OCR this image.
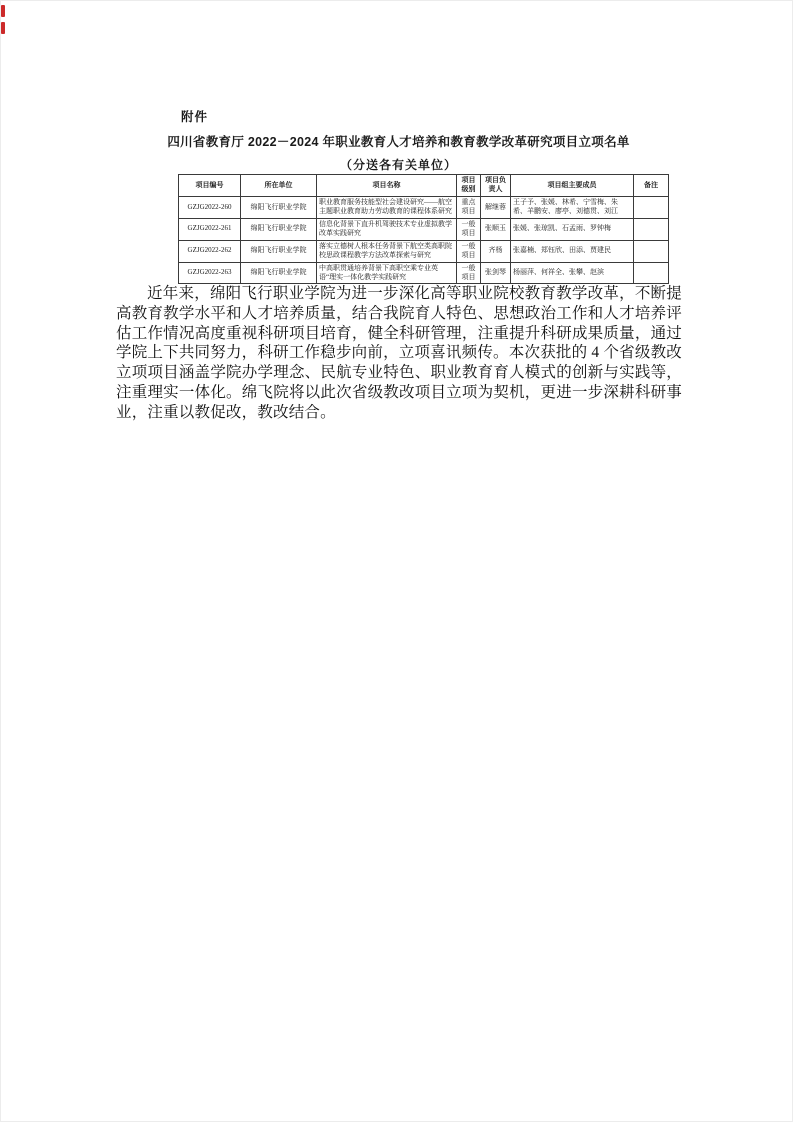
附件
四川省教育厅 2022－2024 年职业教育人才培养和教育教学改革研究项目立项名单
（分送各有关单位）
项目编号	所在单位	项目名称	项目级别	项目负责人	项目组主要成员	备注
GZJG2022-260	绵阳飞行职业学院	职业教育服务技能型社会建设研究——航空主题职业教育助力劳动教育的课程体系研究	重点项目	解继蓉	王子予、张媛、林希、宁雪梅、朱希、羊鹏安、廖亭、刘德贯、刘江	
GZJG2022-261	绵阳飞行职业学院	信息化背景下直升机驾驶技术专业虚拟教学改革实践研究	一般项目	张顺玉	张媛、张琼凯、石孟雨、罗钟梅	
GZJG2022-262	绵阳飞行职业学院	落实立德树人根本任务背景下航空类高职院校思政课程教学方法改革探索与研究	一般项目	齐杨	张嘉楠、郑钰欣、田添、贾建民	
GZJG2022-263	绵阳飞行职业学院	中高职贯通培养背景下高职空乘专业英语“理实一体化教学实践研究	一般项目	张剑琴	杨丽萍、何祥全、张攀、赵滨	
近年来，绵阳飞行职业学院为进一步深化高等职业院校教育教学改革，不断提高教育教学水平和人才培养质量，结合我院育人特色、思想政治工作和人才培养评估工作情况高度重视科研项目培育，健全科研管理，注重提升科研成果质量，通过学院上下共同努力，科研工作稳步向前，立项喜讯频传。本次获批的 4 个省级教改立项项目涵盖学院办学理念、民航专业特色、职业教育育人模式的创新与实践等，注重理实一体化。绵飞院将以此次省级教改项目立项为契机，更进一步深耕科研事业，注重以教促改，教改结合。
